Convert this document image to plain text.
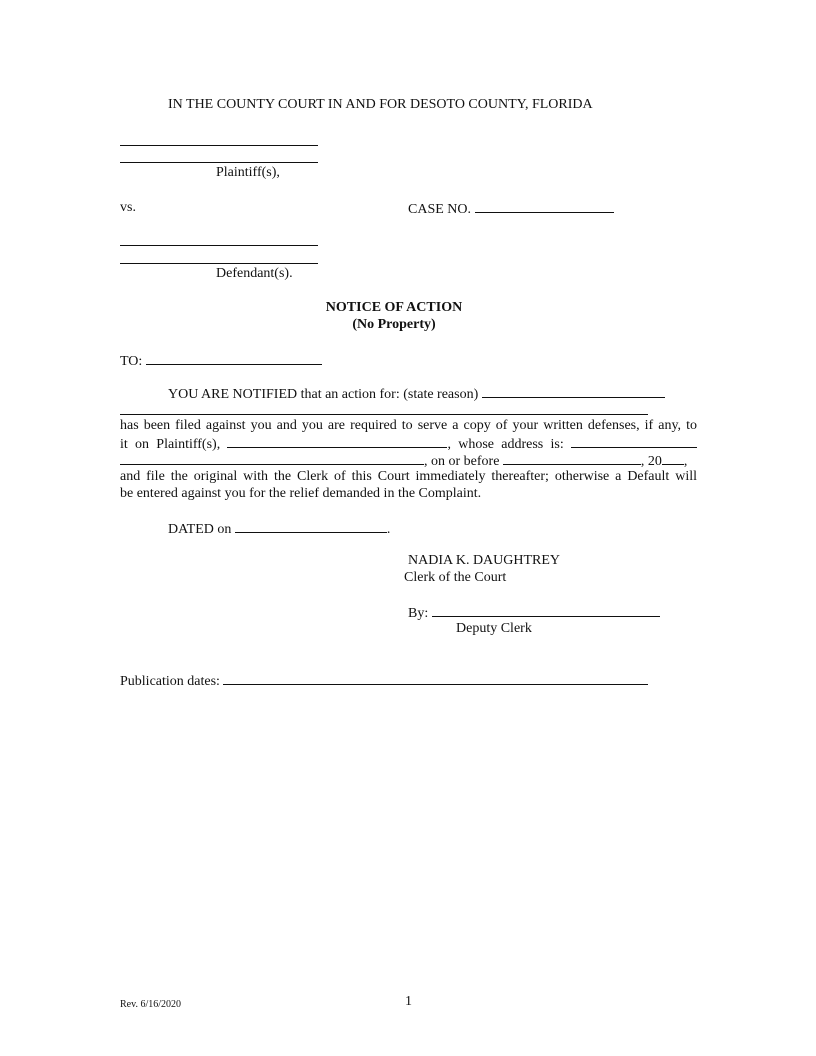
IN THE COUNTY COURT IN AND FOR DESOTO COUNTY, FLORIDA
Plaintiff(s),
vs.	CASE NO.
Defendant(s).
NOTICE OF ACTION
(No Property)
TO:
YOU ARE NOTIFIED that an action for: (state reason)
has been filed against you and you are required to serve a copy of your written defenses, if any, to
it on Plaintiff(s),	, whose address is:
, on or before	, 20 ,
and file the original with the Clerk of this Court immediately thereafter; otherwise a Default will
be entered against you for the relief demanded in the Complaint.
DATED on	.
NADIA K. DAUGHTREY
Clerk of the Court
By:
Deputy Clerk
Publication dates:
Rev. 6/16/2020	1
